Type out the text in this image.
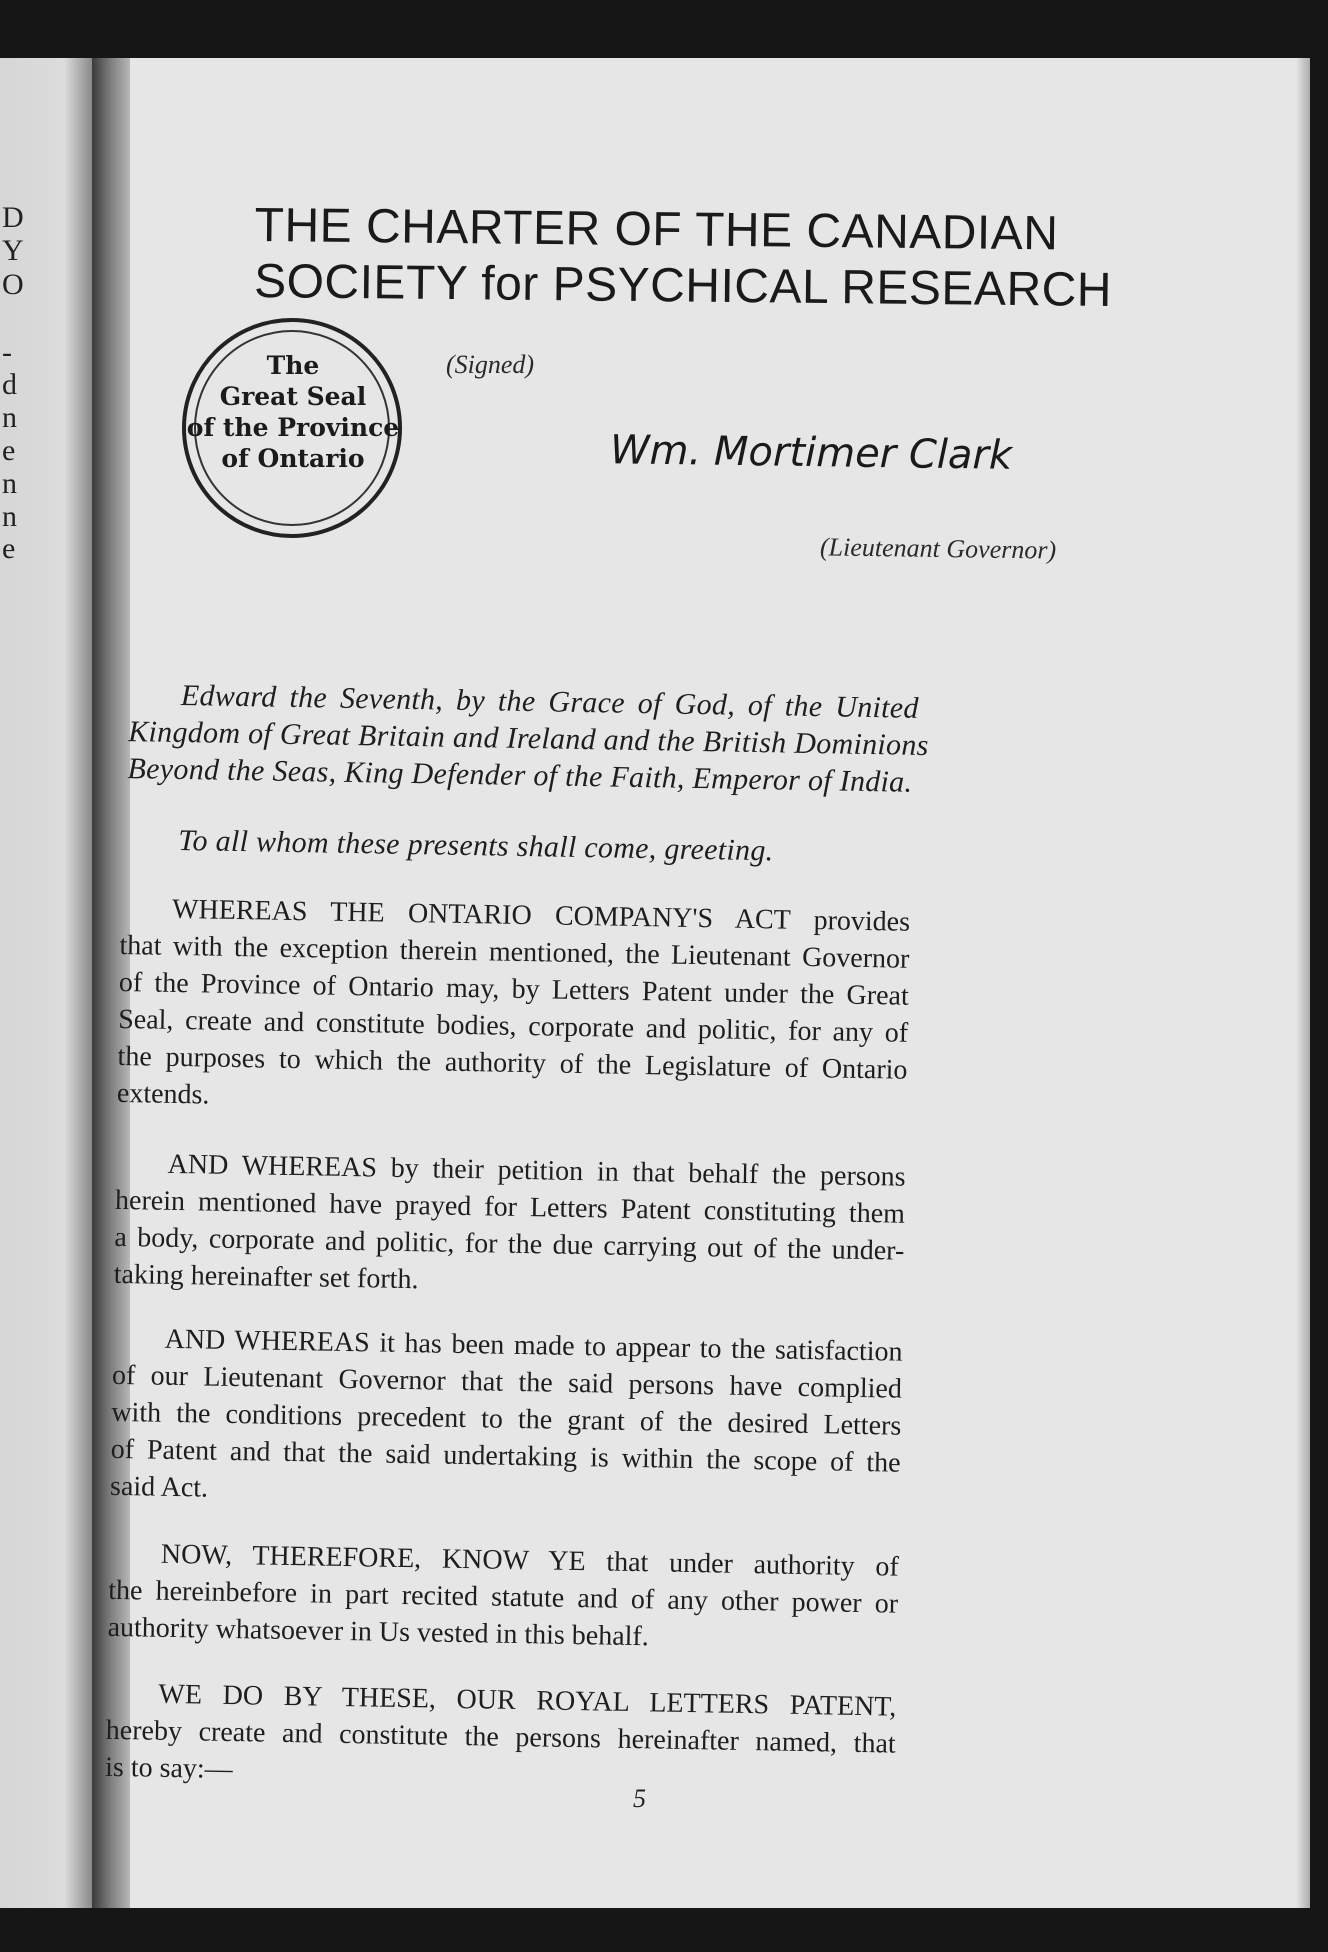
D
Y
O
-
d
n
e
n
n
e
THE CHARTER OF THE CANADIAN
SOCIETY for PSYCHICAL RESEARCH
The
Great Seal
of the Province
of Ontario
(Signed)
Wm. Mortimer Clark
(Lieutenant Governor)
Edward the Seventh, by the Grace of God, of the United
Kingdom of Great Britain and Ireland and the British Dominions
Beyond the Seas, King Defender of the Faith, Emperor of India.
To all whom these presents shall come, greeting.
WHEREAS THE ONTARIO COMPANY'S ACT provides
that with the exception therein mentioned, the Lieutenant Governor
of the Province of Ontario may, by Letters Patent under the Great
Seal, create and constitute bodies, corporate and politic, for any of
the purposes to which the authority of the Legislature of Ontario
extends.
AND WHEREAS by their petition in that behalf the persons
herein mentioned have prayed for Letters Patent constituting them
a body, corporate and politic, for the due carrying out of the under-
taking hereinafter set forth.
AND WHEREAS it has been made to appear to the satisfaction
of our Lieutenant Governor that the said persons have complied
with the conditions precedent to the grant of the desired Letters
of Patent and that the said undertaking is within the scope of the
said Act.
NOW, THEREFORE, KNOW YE that under authority of
the hereinbefore in part recited statute and of any other power or
authority whatsoever in Us vested in this behalf.
WE DO BY THESE, OUR ROYAL LETTERS PATENT,
hereby create and constitute the persons hereinafter named, that
is to say:—
5
